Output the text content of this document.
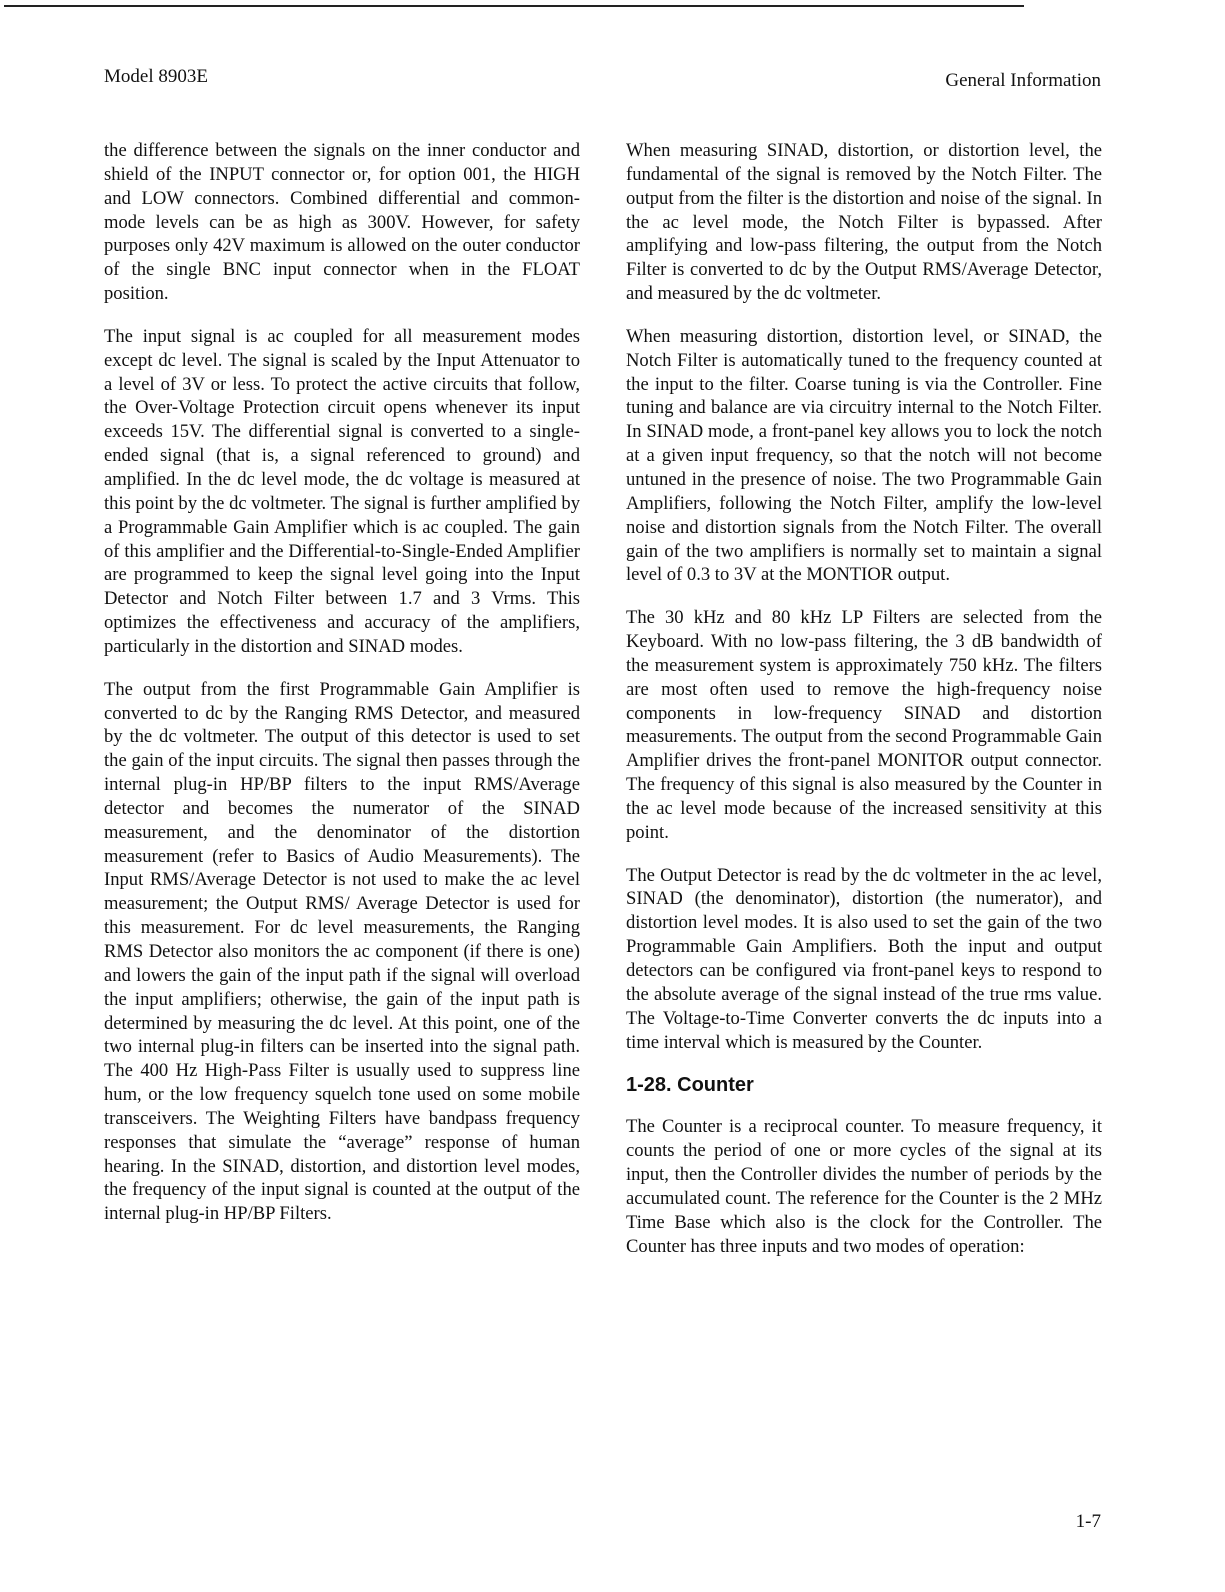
Model 8903E	General Information

the difference between the signals on the inner conductor and shield of the INPUT connector or, for option 001, the HIGH and LOW connectors. Combined differential and common-mode levels can be as high as 300V. However, for safety purposes only 42V maximum is allowed on the outer conductor of the single BNC input connector when in the FLOAT position.

The input signal is ac coupled for all measurement modes except dc level. The signal is scaled by the Input Attenuator to a level of 3V or less. To protect the active circuits that follow, the Over-Voltage Protection circuit opens whenever its input exceeds 15V. The differential signal is converted to a single-ended signal (that is, a signal referenced to ground) and amplified. In the dc level mode, the dc voltage is measured at this point by the dc voltmeter. The signal is further amplified by a Programmable Gain Amplifier which is ac coupled. The gain of this amplifier and the Differential-to-Single-Ended Amplifier are programmed to keep the signal level going into the Input Detector and Notch Filter between 1.7 and 3 Vrms. This optimizes the effectiveness and accuracy of the amplifiers, particularly in the distortion and SINAD modes.

The output from the first Programmable Gain Amplifier is converted to dc by the Ranging RMS Detector, and measured by the dc voltmeter. The output of this detector is used to set the gain of the input circuits. The signal then passes through the internal plug-in HP/BP filters to the input RMS/Average detector and becomes the numerator of the SINAD measurement, and the denominator of the distortion measurement (refer to Basics of Audio Measurements). The Input RMS/Average Detector is not used to make the ac level measurement; the Output RMS/ Average Detector is used for this measurement. For dc level measurements, the Ranging RMS Detector also monitors the ac component (if there is one) and lowers the gain of the input path if the signal will overload the input amplifiers; otherwise, the gain of the input path is determined by measuring the dc level. At this point, one of the two internal plug-in filters can be inserted into the signal path. The 400 Hz High-Pass Filter is usually used to suppress line hum, or the low frequency squelch tone used on some mobile transceivers. The Weighting Filters have bandpass frequency responses that simulate the “average” response of human hearing. In the SINAD, distortion, and distortion level modes, the frequency of the input signal is counted at the output of the internal plug-in HP/BP Filters.

When measuring SINAD, distortion, or distortion level, the fundamental of the signal is removed by the Notch Filter. The output from the filter is the distortion and noise of the signal. In the ac level mode, the Notch Filter is bypassed. After amplifying and low-pass filtering, the output from the Notch Filter is converted to dc by the Output RMS/Average Detector, and measured by the dc voltmeter.

When measuring distortion, distortion level, or SINAD, the Notch Filter is automatically tuned to the frequency counted at the input to the filter. Coarse tuning is via the Controller. Fine tuning and balance are via circuitry internal to the Notch Filter. In SINAD mode, a front-panel key allows you to lock the notch at a given input frequency, so that the notch will not become untuned in the presence of noise. The two Programmable Gain Amplifiers, following the Notch Filter, amplify the low-level noise and distortion signals from the Notch Filter. The overall gain of the two amplifiers is normally set to maintain a signal level of 0.3 to 3V at the MONTIOR output.

The 30 kHz and 80 kHz LP Filters are selected from the Keyboard. With no low-pass filtering, the 3 dB bandwidth of the measurement system is approximately 750 kHz. The filters are most often used to remove the high-frequency noise components in low-frequency SINAD and distortion measurements. The output from the second Programmable Gain Amplifier drives the front-panel MONITOR output connector. The frequency of this signal is also measured by the Counter in the ac level mode because of the increased sensitivity at this point.

The Output Detector is read by the dc voltmeter in the ac level, SINAD (the denominator), distortion (the numerator), and distortion level modes. It is also used to set the gain of the two Programmable Gain Amplifiers. Both the input and output detectors can be configured via front-panel keys to respond to the absolute average of the signal instead of the true rms value. The Voltage-to-Time Converter converts the dc inputs into a time interval which is measured by the Counter.

1-28. Counter

The Counter is a reciprocal counter. To measure frequency, it counts the period of one or more cycles of the signal at its input, then the Controller divides the number of periods by the accumulated count. The reference for the Counter is the 2 MHz Time Base which also is the clock for the Controller. The Counter has three inputs and two modes of operation:

1-7
